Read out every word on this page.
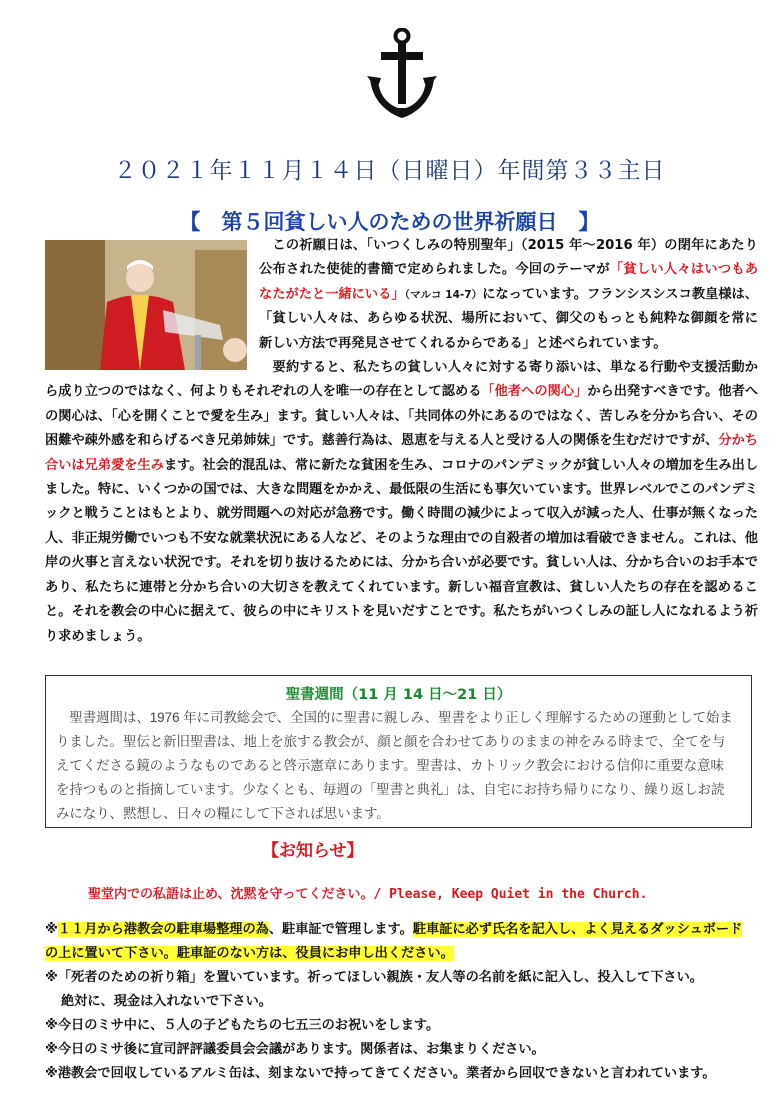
２０２１年１１月１４日（日曜日）年間第３３主日
【　第５回貧しい人のための世界祈願日　】
　この祈願日は、「いつくしみの特別聖年」（2015 年～2016 年）の閉年にあたり公布された使徒的書簡で定められました。今回のテーマが「貧しい人々はいつもあなたがたと一緒にいる」（マルコ 14-7）になっています。フランシスシスコ教皇様は、「貧しい人々は、あらゆる状況、場所において、御父のもっとも純粋な御顔を常に新しい方法で再発見させてくれるからである」と述べられています。
　要約すると、私たちの貧しい人々に対する寄り添いは、単なる行動や支援活動から成り立つのではなく、何よりもそれぞれの人を唯一の存在として認める「他者への関心」から出発すべきです。他者への関心は、「心を開くことで愛を生み」ます。貧しい人々は、「共同体の外にあるのではなく、苦しみを分かち合い、その困難や疎外感を和らげるべき兄弟姉妹」です。慈善行為は、恩恵を与える人と受ける人の関係を生むだけですが、分かち合いは兄弟愛を生みます。社会的混乱は、常に新たな貧困を生み、コロナのパンデミックが貧しい人々の増加を生み出しました。特に、いくつかの国では、大きな問題をかかえ、最低限の生活にも事欠いています。世界レベルでこのパンデミックと戦うことはもとより、就労問題への対応が急務です。働く時間の減少によって収入が減った人、仕事が無くなった人、非正規労働でいつも不安な就業状況にある人など、そのような理由での自殺者の増加は看破できません。これは、他岸の火事と言えない状況です。それを切り抜けるためには、分かち合いが必要です。貧しい人は、分かち合いのお手本であり、私たちに連帯と分かち合いの大切さを教えてくれています。新しい福音宣教は、貧しい人たちの存在を認めること。それを教会の中心に据えて、彼らの中にキリストを見いだすことです。私たちがいつくしみの証し人になれるよう祈り求めましょう。
聖書週間（11 月 14 日～21 日）
聖書週間は、1976 年に司教総会で、全国的に聖書に親しみ、聖書をより正しく理解するための運動として始まりました。聖伝と新旧聖書は、地上を旅する教会が、顔と顔を合わせてありのままの神をみる時まで、全てを与えてくださる鏡のようなものであると啓示憲章にあります。聖書は、カトリック教会における信仰に重要な意味を持つものと指摘しています。少なくとも、毎週の「聖書と典礼」は、自宅にお持ち帰りになり、繰り返しお読みになり、黙想し、日々の糧にして下されば思います。
【お知らせ】
聖堂内での私語は止め、沈黙を守ってください。/ Please, Keep Quiet in the Church.

※１１月から港教会の駐車場整理の為、駐車証で管理します。駐車証に必ず氏名を記入し、よく見えるダッシュボードの上に置いて下さい。駐車証のない方は、役員にお申し出ください。

※「死者のための祈り箱」を置いています。祈ってほしい親族・友人等の名前を紙に記入し、投入して下さい。

絶対に、現金は入れないで下さい。

※今日のミサ中に、５人の子どもたちの七五三のお祝いをします。

※今日のミサ後に宣司評評議委員会会議があります。関係者は、お集まりください。

※港教会で回収しているアルミ缶は、刻まないで持ってきてください。業者から回収できないと言われています。
